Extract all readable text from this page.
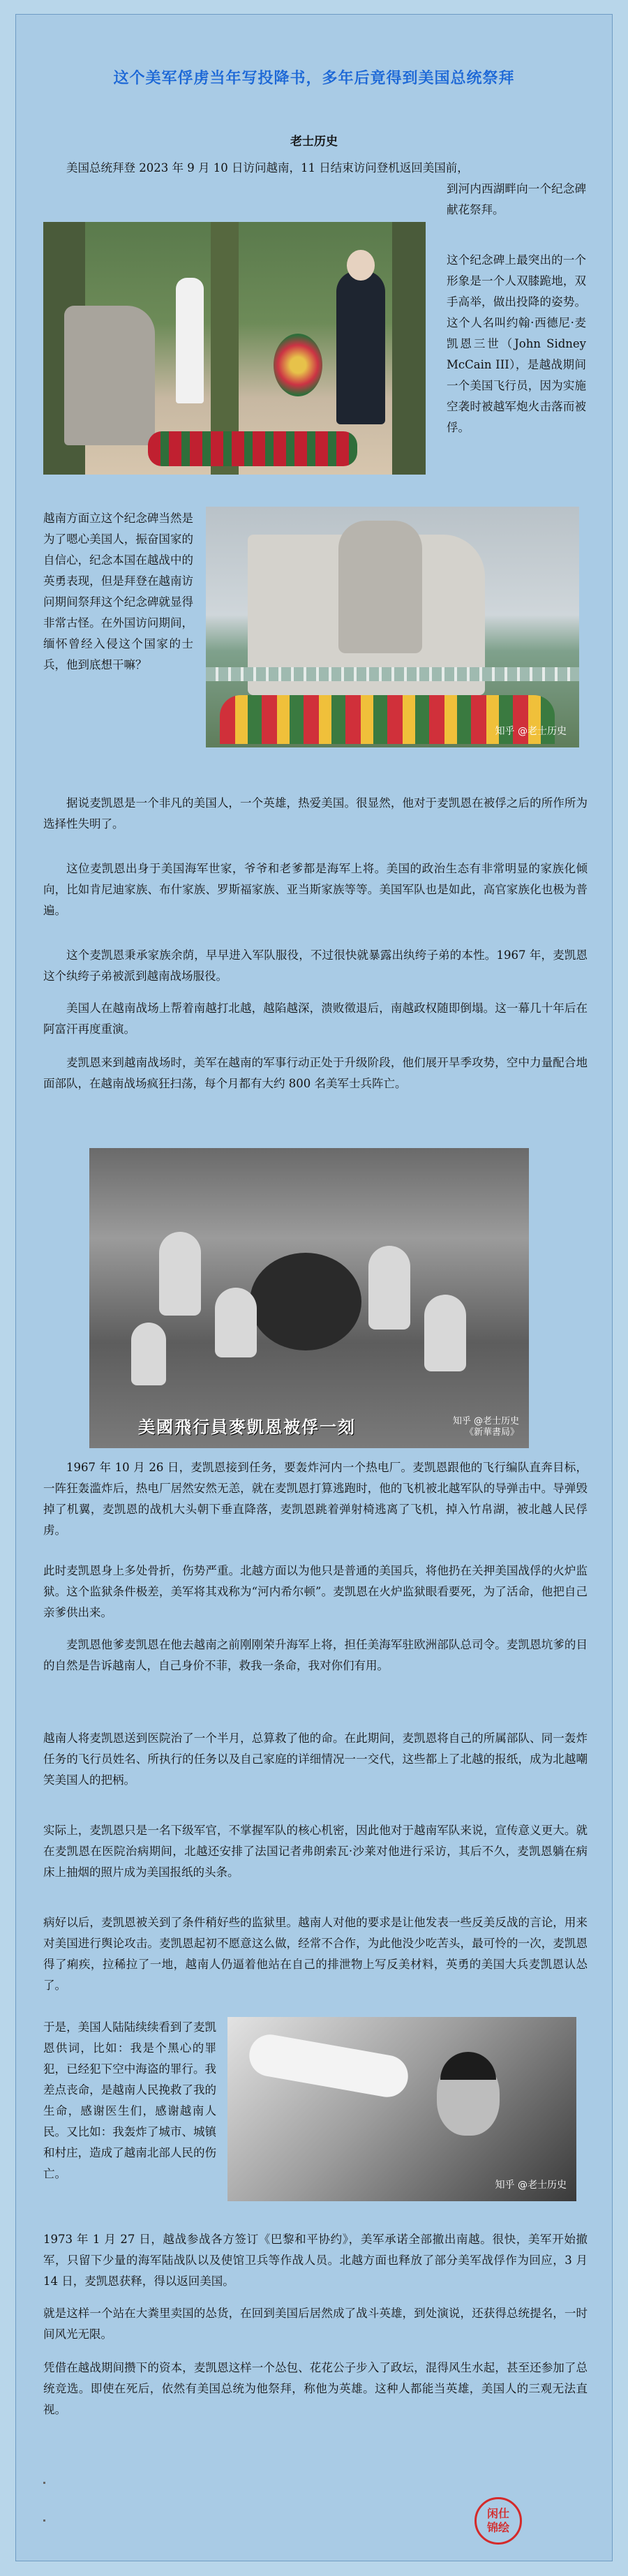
这个美军俘虏当年写投降书，多年后竟得到美国总统祭拜
老士历史
美国总统拜登 2023 年 9 月 10 日访问越南，11 日结束访问登机返回美国前，
到河内西湖畔向一个纪念碑献花祭拜。
这个纪念碑上最突出的一个形象是一个人双膝跪地，双手高举，做出投降的姿势。这个人名叫约翰·西德尼·麦凯恩三世（John Sidney McCain III），是越战期间一个美国飞行员，因为实施空袭时被越军炮火击落而被俘。
越南方面立这个纪念碑当然是为了嗯心美国人，振奋国家的自信心，纪念本国在越战中的英勇表现，但是拜登在越南访问期间祭拜这个纪念碑就显得非常古怪。在外国访问期间，缅怀曾经入侵这个国家的士兵，他到底想干嘛？
知乎 @老士历史
据说麦凯恩是一个非凡的美国人，一个英雄，热爱美国。很显然，他对于麦凯恩在被俘之后的所作所为选择性失明了。
这位麦凯恩出身于美国海军世家，爷爷和老爹都是海军上将。美国的政治生态有非常明显的家族化倾向，比如肯尼迪家族、布什家族、罗斯福家族、亚当斯家族等等。美国军队也是如此，高官家族化也极为普遍。
这个麦凯恩秉承家族余荫，早早进入军队服役，不过很快就暴露出纨绔子弟的本性。1967 年，麦凯恩这个纨绔子弟被派到越南战场服役。
美国人在越南战场上帮着南越打北越，越陷越深，溃败徵退后，南越政权随即倒塌。这一幕几十年后在阿富汗再度重演。
麦凯恩来到越南战场时，美军在越南的军事行动正处于升级阶段，他们展开旱季攻势，空中力量配合地面部队，在越南战场疯狂扫荡，每个月都有大约 800 名美军士兵阵亡。
美國飛行員麥凱恩被俘一刻	知乎 @老士历史
《新華書局》
1967 年 10 月 26 日，麦凯恩接到任务，要轰炸河内一个热电厂。麦凯恩跟他的飞行编队直奔目标，一阵狂轰滥炸后，热电厂居然安然无恙，就在麦凯恩打算逃跑时，他的飞机被北越军队的导弹击中。导弹毁掉了机翼，麦凯恩的战机大头朝下垂直降落，麦凯恩跳着弹射椅逃离了飞机，掉入竹帛湖，被北越人民俘虏。
此时麦凯恩身上多处骨折，伤势严重。北越方面以为他只是普通的美国兵，将他扔在关押美国战俘的火炉监狱。这个监狱条件极差，美军将其戏称为“河内希尔顿”。麦凯恩在火炉监狱眼看要死，为了活命，他把自己亲爹供出来。
麦凯恩他爹麦凯恩在他去越南之前刚刚荣升海军上将，担任美海军驻欧洲部队总司令。麦凯恩坑爹的目的自然是告诉越南人，自己身价不菲，救我一条命，我对你们有用。
越南人将麦凯恩送到医院治了一个半月，总算救了他的命。在此期间，麦凯恩将自己的所属部队、同一轰炸任务的飞行员姓名、所执行的任务以及自己家庭的详细情况一一交代，这些都上了北越的报纸，成为北越嘲笑美国人的把柄。
实际上，麦凯恩只是一名下级军官，不掌握军队的核心机密，因此他对于越南军队来说，宣传意义更大。就在麦凯恩在医院治病期间，北越还安排了法国记者弗朗索瓦·沙莱对他进行采访，其后不久，麦凯恩躺在病床上抽烟的照片成为美国报纸的头条。
病好以后，麦凯恩被关到了条件稍好些的监狱里。越南人对他的要求是让他发表一些反美反战的言论，用来对美国进行舆论攻击。麦凯恩起初不愿意这么做，经常不合作，为此他没少吃苦头，最可怜的一次，麦凯恩得了痢疾，拉稀拉了一地，越南人仍逼着他站在自己的排泄物上写反美材料，英勇的美国大兵麦凯恩认怂了。
于是，美国人陆陆续续看到了麦凯恩供词，比如：我是个黑心的罪犯，已经犯下空中海盗的罪行。我差点丧命，是越南人民挽救了我的生命，感谢医生们，感谢越南人民。又比如：我轰炸了城市、城镇和村庄，造成了越南北部人民的伤亡。
知乎 @老士历史
1973 年 1 月 27 日，越战参战各方签订《巴黎和平协约》，美军承诺全部撤出南越。很快，美军开始撤军，只留下少量的海军陆战队以及使馆卫兵等作战人员。北越方面也释放了部分美军战俘作为回应，3 月 14 日，麦凯恩获释，得以返回美国。
就是这样一个站在大粪里卖国的怂货，在回到美国后居然成了战斗英雄，到处演说，还获得总统提名，一时间风光无限。
凭借在越战期间攒下的资本，麦凯恩这样一个怂包、花花公子步入了政坛，混得风生水起，甚至还参加了总统竞选。即使在死后，依然有美国总统为他祭拜，称他为英雄。这种人都能当英雄，美国人的三观无法直视。
闲仕
锦绘
